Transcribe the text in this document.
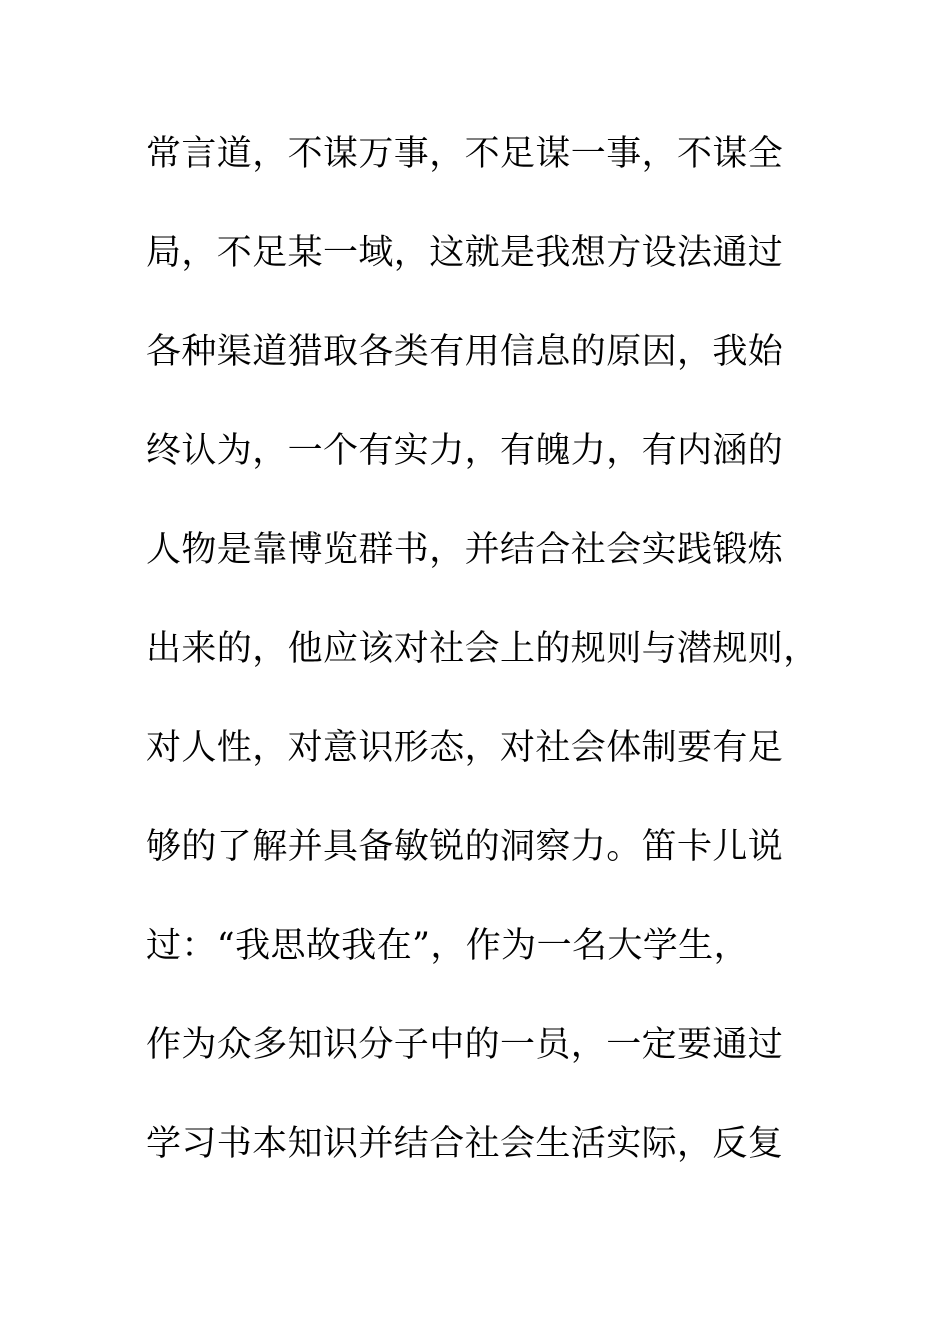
常言道，不谋万事，不足谋一事，不谋全
局，不足某一域，这就是我想方设法通过
各种渠道猎取各类有用信息的原因，我始
终认为，一个有实力，有魄力，有内涵的
人物是靠博览群书，并结合社会实践锻炼
出来的，他应该对社会上的规则与潜规则，
对人性，对意识形态，对社会体制要有足
够的了解并具备敏锐的洞察力。笛卡儿说
过：“我思故我在”，作为一名大学生，
作为众多知识分子中的一员，一定要通过
学习书本知识并结合社会生活实际，反复
